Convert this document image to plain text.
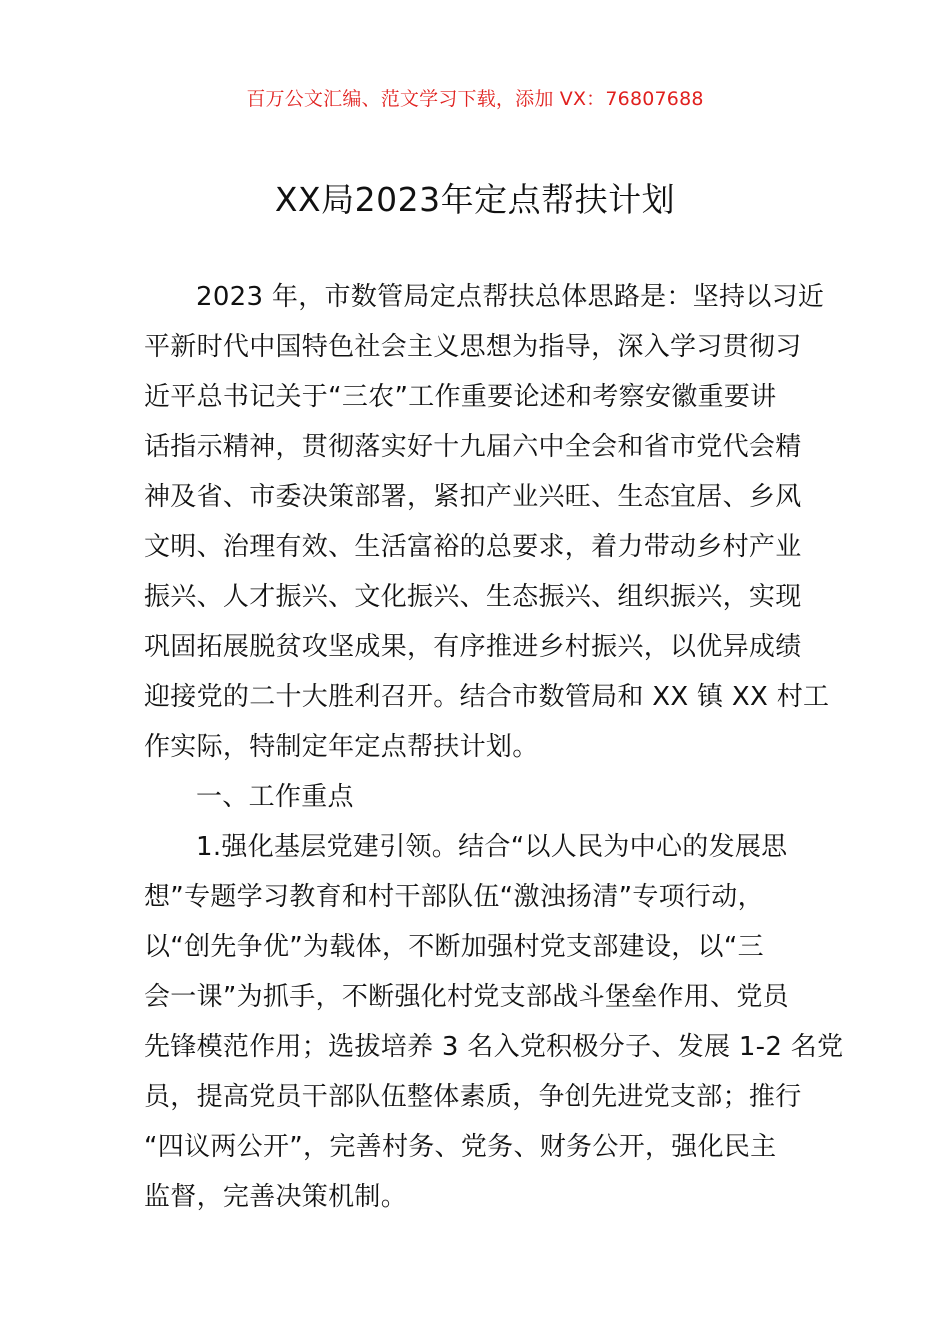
百万公文汇编、范文学习下载，添加 VX：76807688
XX局2023年定点帮扶计划
2023 年，市数管局定点帮扶总体思路是：坚持以习近
平新时代中国特色社会主义思想为指导，深入学习贯彻习
近平总书记关于“三农”工作重要论述和考察安徽重要讲
话指示精神，贯彻落实好十九届六中全会和省市党代会精
神及省、市委决策部署，紧扣产业兴旺、生态宜居、乡风
文明、治理有效、生活富裕的总要求，着力带动乡村产业
振兴、人才振兴、文化振兴、生态振兴、组织振兴，实现
巩固拓展脱贫攻坚成果，有序推进乡村振兴，以优异成绩
迎接党的二十大胜利召开。结合市数管局和 XX 镇 XX 村工
作实际，特制定年定点帮扶计划。
一、工作重点
1.强化基层党建引领。结合“以人民为中心的发展思
想”专题学习教育和村干部队伍“激浊扬清”专项行动，
以“创先争优”为载体，不断加强村党支部建设，以“三
会一课”为抓手，不断强化村党支部战斗堡垒作用、党员
先锋模范作用；选拔培养 3 名入党积极分子、发展 1-2 名党
员，提高党员干部队伍整体素质，争创先进党支部；推行
“四议两公开”，完善村务、党务、财务公开，强化民主
监督，完善决策机制。
